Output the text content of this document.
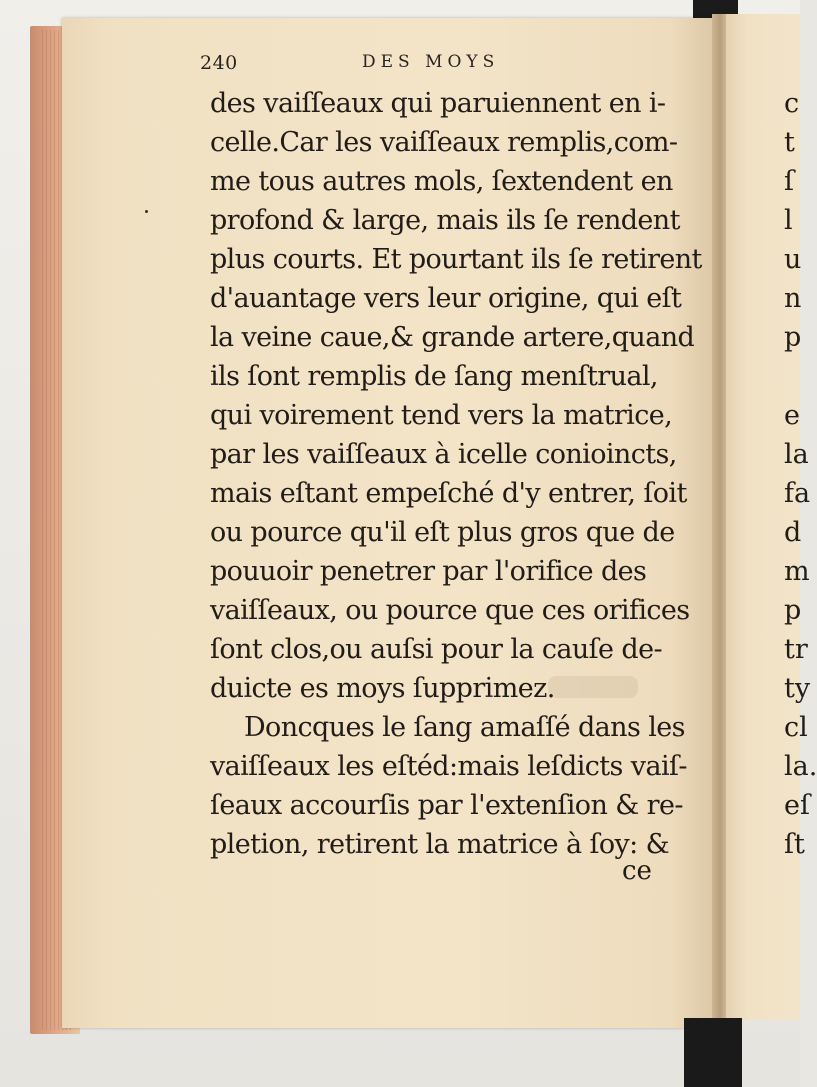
240	DES MOYS
des vaiſſeaux qui paruiennent en i-
celle.Car les vaiſſeaux remplis,com-
me tous autres mols, ſextendent en
profond & large, mais ils ſe rendent
plus courts. Et pourtant ils ſe retirent
d'auantage vers leur origine, qui eſt
la veine caue,& grande artere,quand
ils ſont remplis de ſang menſtrual,
qui voirement tend vers la matrice,
par les vaiſſeaux à icelle conioincts,
mais eſtant empeſché d'y entrer, ſoit
ou pource qu'il eſt plus gros que de
pouuoir penetrer par l'orifice des
vaiſſeaux, ou pource que ces orifices
ſont clos,ou auſsi pour la cauſe de-
duicte es moys ſupprimez.
Doncques le ſang amaſſé dans les
vaiſſeaux les eſtéd:mais leſdicts vaiſ-
ſeaux accourſis par l'extenſion & re-
pletion, retirent la matrice à ſoy: &
ce
c
t
ſ
l
u
n
p
e
la
fa
d
m
p
tr
ty
cl
la.
eſ
ſt
